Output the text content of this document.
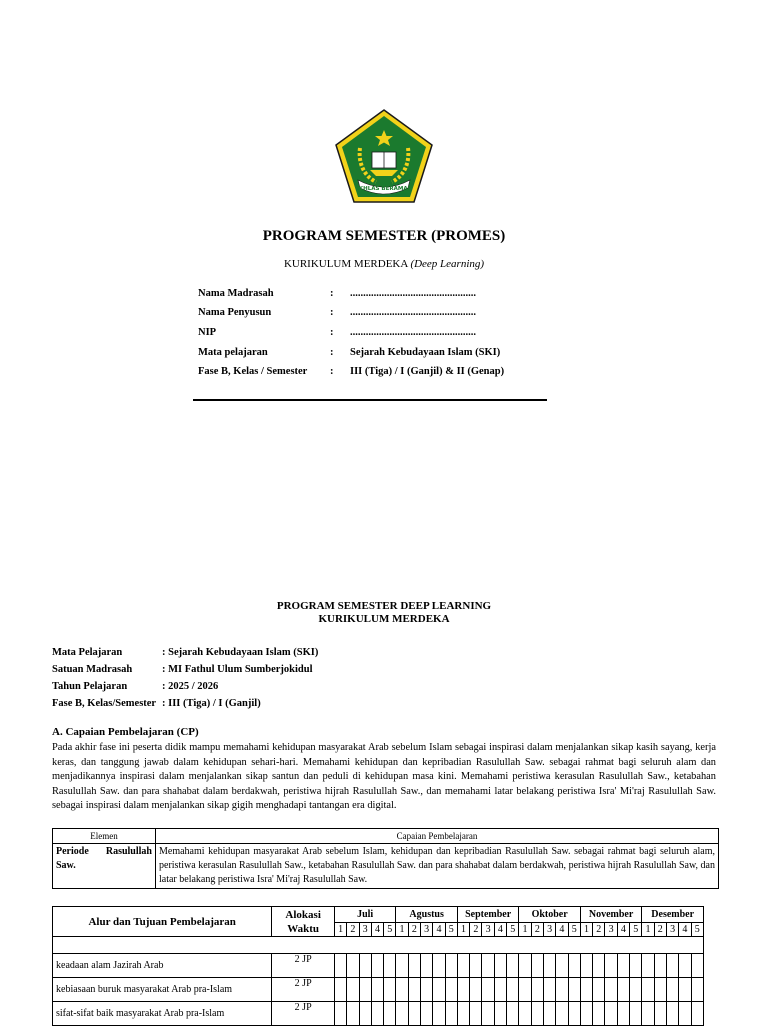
IKHLAS BERAMAL
PROGRAM SEMESTER (PROMES)
KURIKULUM MERDEKA (Deep Learning)
Nama Madrasah	: ................................................
Nama Penyusun	: ................................................
NIP	: ................................................
Mata pelajaran	: Sejarah Kebudayaan Islam (SKI)
Fase B, Kelas / Semester : III (Tiga) / I (Ganjil) & II (Genap)
PROGRAM SEMESTER DEEP LEARNING
KURIKULUM MERDEKA
Mata Pelajaran	: Sejarah Kebudayaan Islam (SKI)
Satuan Madrasah	: MI Fathul Ulum Sumberjokidul
Tahun Pelajaran	: 2025 / 2026
Fase B, Kelas/Semester : III (Tiga) / I (Ganjil)
A. Capaian Pembelajaran (CP)
Pada akhir fase ini peserta didik mampu memahami kehidupan masyarakat Arab sebelum Islam sebagai inspirasi dalam menjalankan sikap kasih sayang, kerja keras, dan tanggung jawab dalam kehidupan sehari-hari. Memahami kehidupan dan kepribadian Rasulullah Saw. sebagai rahmat bagi seluruh alam dan menjadikannya inspirasi dalam menjalankan sikap santun dan peduli di kehidupan masa kini. Memahami peristiwa kerasulan Rasulullah Saw., ketabahan Rasulullah Saw. dan para shahabat dalam berdakwah, peristiwa hijrah Rasulullah Saw., dan memahami latar belakang peristiwa Isra' Mi'raj Rasulullah Saw. sebagai inspirasi dalam menjalankan sikap gigih menghadapi tantangan era digital.
Elemen	Capaian Pembelajaran
Periode Rasulullah Saw.	Memahami kehidupan masyarakat Arab sebelum Islam, kehidupan dan kepribadian Rasulullah Saw. sebagai rahmat bagi seluruh alam, peristiwa kerasulan Rasulullah Saw., ketabahan Rasulullah Saw. dan para shahabat dalam berdakwah, peristiwa hijrah Rasulullah Saw, dan latar belakang peristiwa Isra' Mi'raj Rasulullah Saw.
Alur dan Tujuan Pembelajaran	Alokasi Waktu	Juli					Agustus					September					Oktober					November					Desember				
		1	2	3	4	5	1	2	3	4	5	1	2	3	4	5	1	2	3	4	5	1	2	3	4	5	1	2	3	4	5

keadaan alam Jazirah Arab	2 JP																														
kebiasaan buruk masyarakat Arab pra-Islam	2 JP																														
sifat-sifat baik masyarakat Arab pra-Islam	2 JP																														
